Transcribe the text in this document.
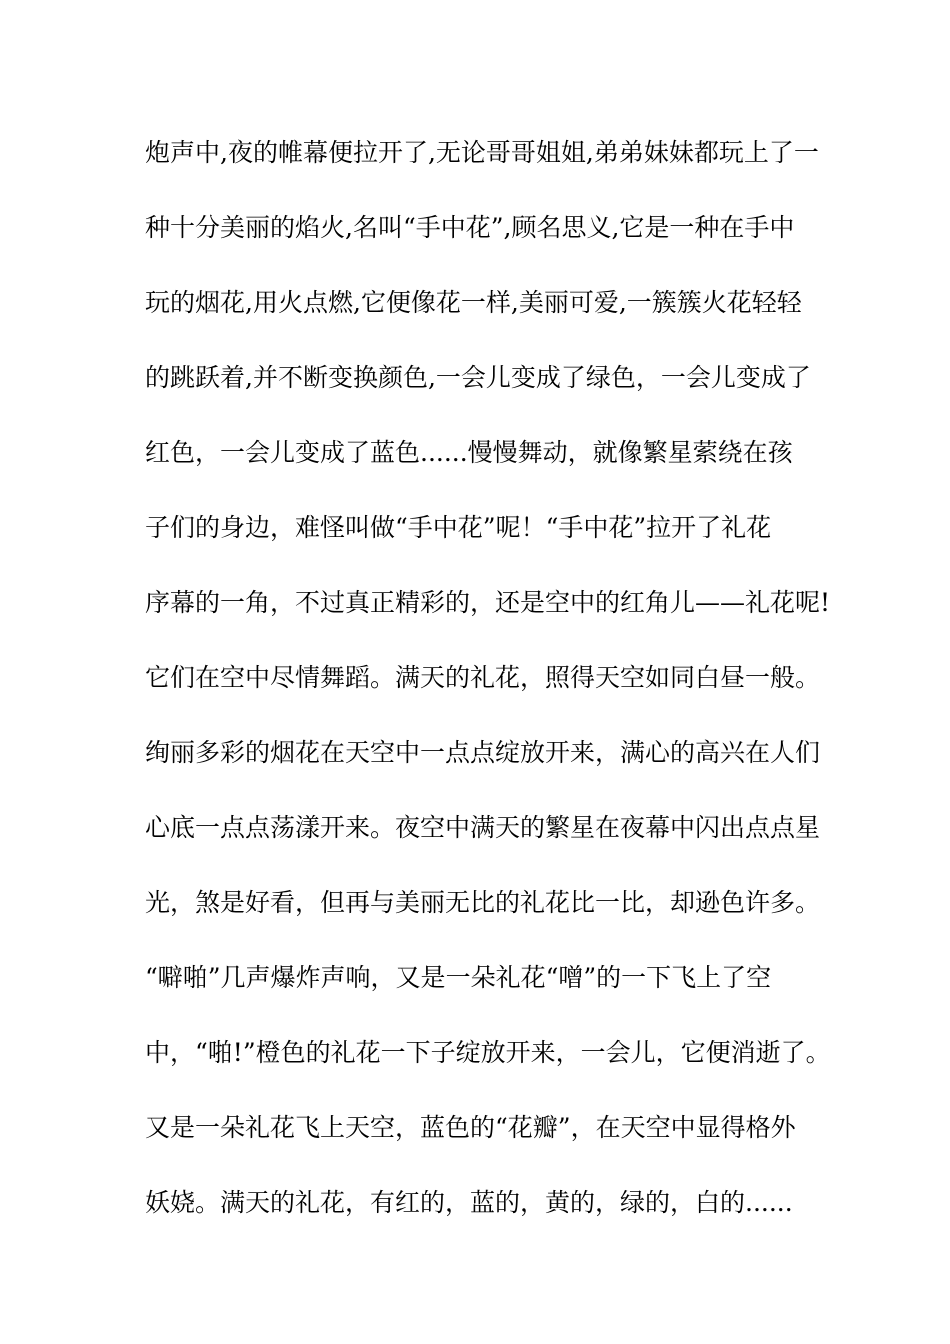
炮声中,夜的帷幕便拉开了,无论哥哥姐姐,弟弟妹妹都玩上了一
种十分美丽的焰火,名叫“手中花”,顾名思义,它是一种在手中
玩的烟花,用火点燃,它便像花一样,美丽可爱,一簇簇火花轻轻
的跳跃着,并不断变换颜色,一会儿变成了绿色，一会儿变成了
红色，一会儿变成了蓝色......慢慢舞动，就像繁星萦绕在孩
子们的身边，难怪叫做“手中花”呢！“手中花”拉开了礼花
序幕的一角，不过真正精彩的，还是空中的红角儿——礼花呢!
它们在空中尽情舞蹈。满天的礼花，照得天空如同白昼一般。
绚丽多彩的烟花在天空中一点点绽放开来，满心的高兴在人们
心底一点点荡漾开来。夜空中满天的繁星在夜幕中闪出点点星
光，煞是好看，但再与美丽无比的礼花比一比，却逊色许多。
“噼啪”几声爆炸声响，又是一朵礼花“噌”的一下飞上了空
中，“啪!”橙色的礼花一下子绽放开来，一会儿，它便消逝了。
又是一朵礼花飞上天空，蓝色的“花瓣”，在天空中显得格外
妖娆。满天的礼花，有红的，蓝的，黄的，绿的，白的......
